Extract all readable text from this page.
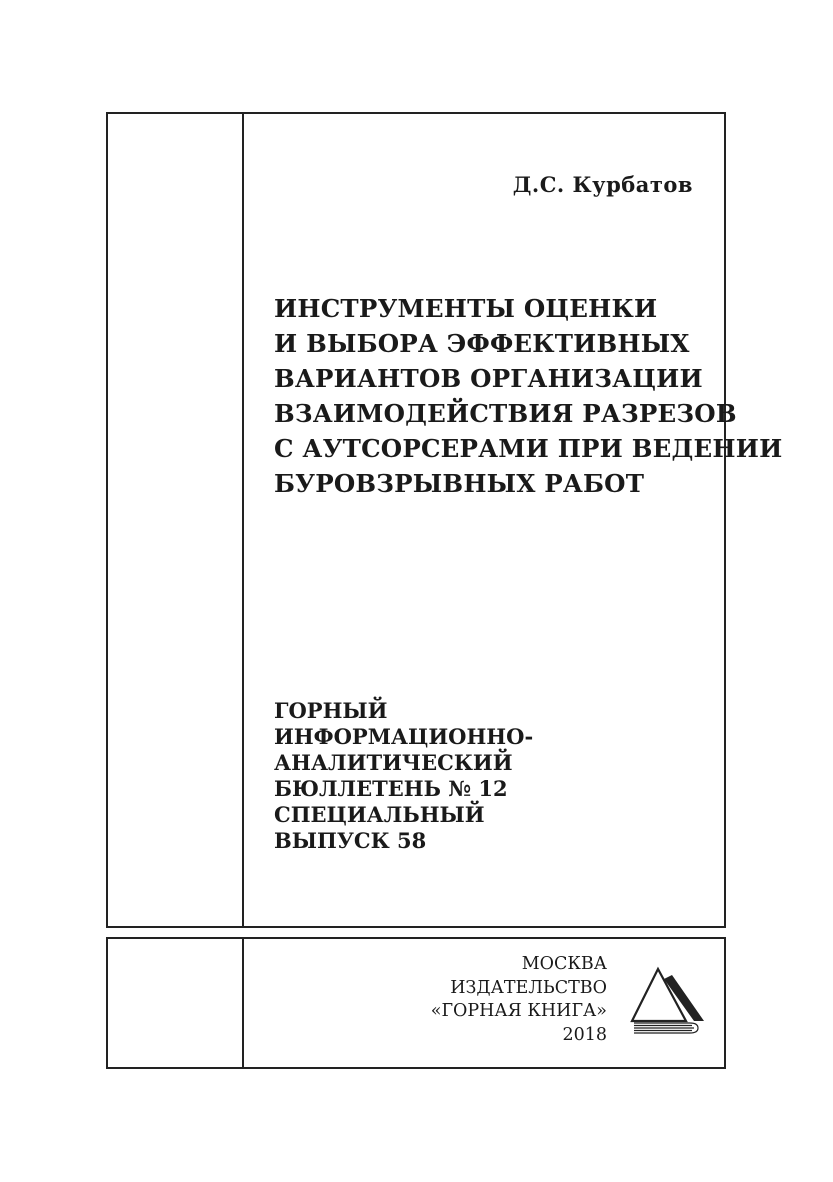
Д.С. Курбатов
ИНСТРУМЕНТЫ ОЦЕНКИ
И ВЫБОРА ЭФФЕКТИВНЫХ
ВАРИАНТОВ ОРГАНИЗАЦИИ
ВЗАИМОДЕЙСТВИЯ РАЗРЕЗОВ
С АУТСОРСЕРАМИ ПРИ ВЕДЕНИИ
БУРОВЗРЫВНЫХ РАБОТ
ГОРНЫЙ
ИНФОРМАЦИОННО-
АНАЛИТИЧЕСКИЙ
БЮЛЛЕТЕНЬ № 12
СПЕЦИАЛЬНЫЙ
ВЫПУСК 58
МОСКВА
ИЗДАТЕЛЬСТВО
«ГОРНАЯ КНИГА»
2018
